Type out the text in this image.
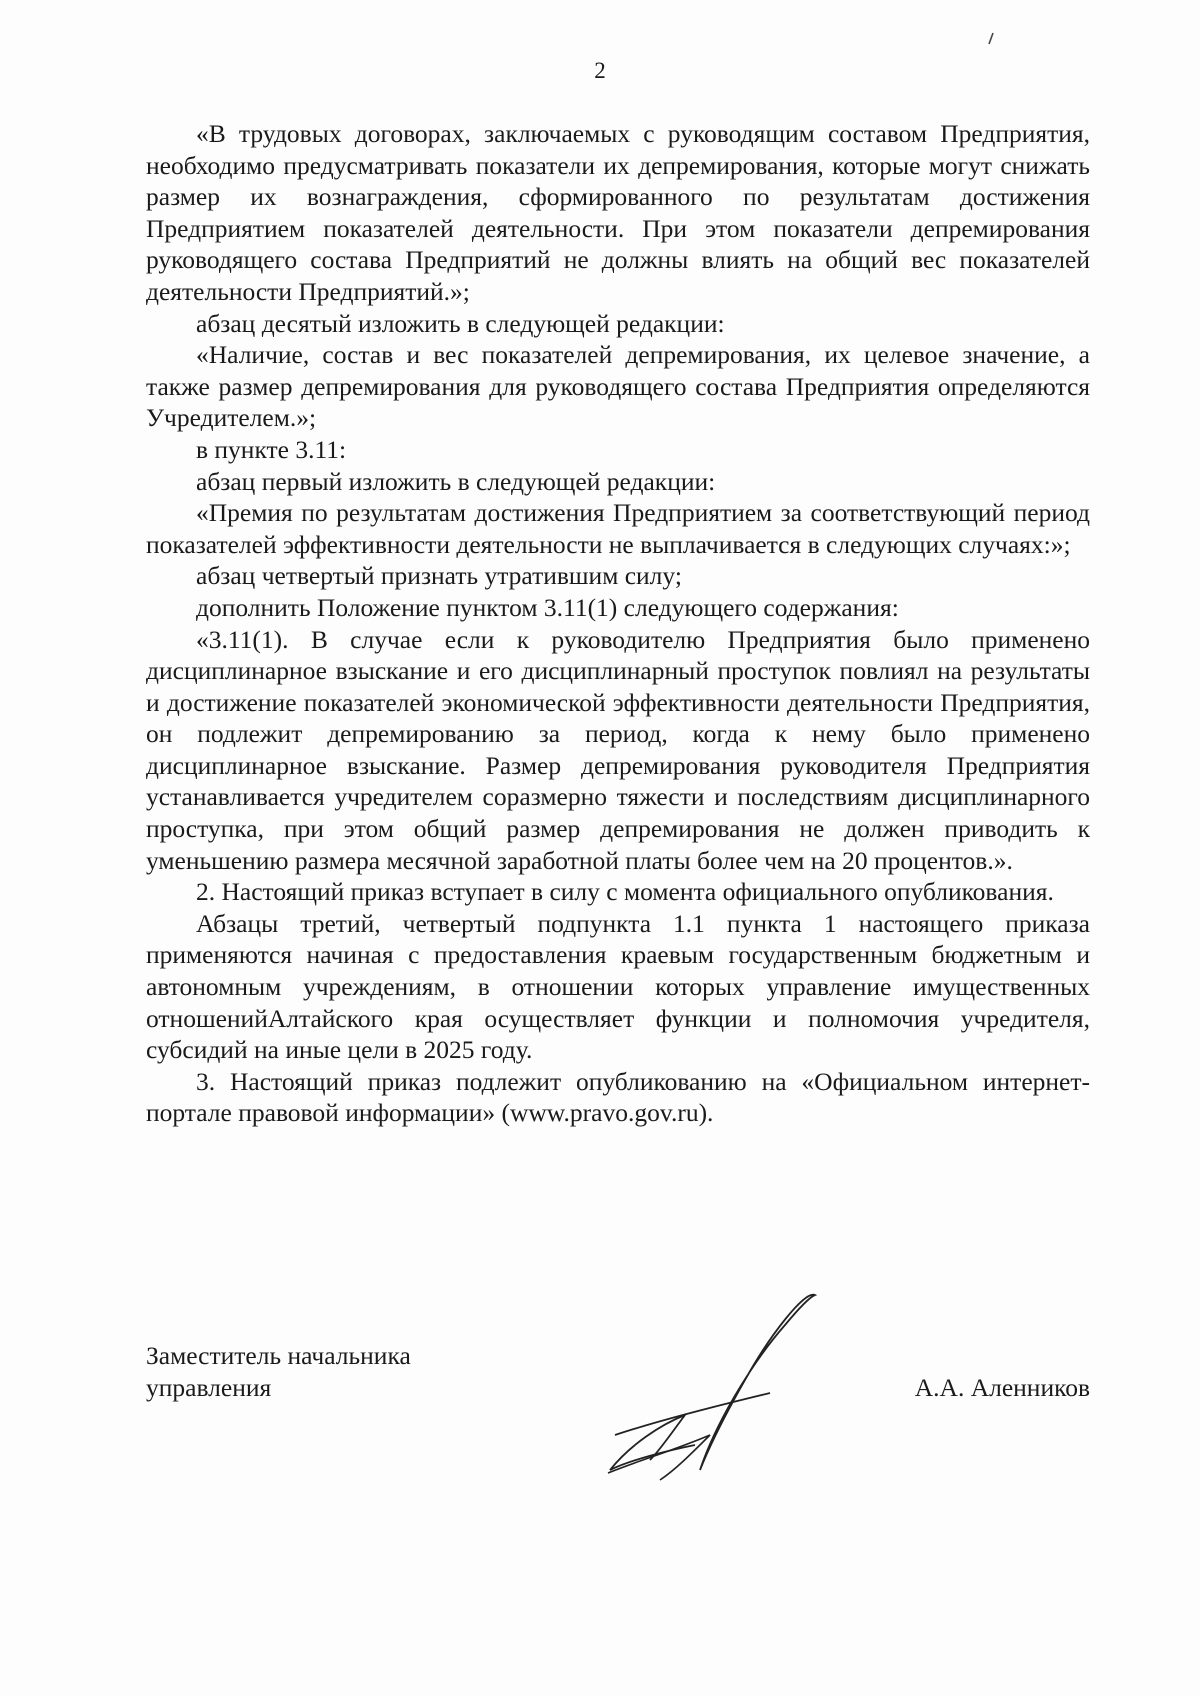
2

«В трудовых договорах, заключаемых с руководящим составом Предприятия, необходимо предусматривать показатели их депремирования, которые могут снижать размер их вознаграждения, сформированного по результатам достижения Предприятием показателей деятельности. При этом показатели депремирования руководящего состава Предприятий не должны влиять на общий вес показателей деятельности Предприятий.»;

абзац десятый изложить в следующей редакции:

«Наличие, состав и вес показателей депремирования, их целевое значение, а также размер депремирования для руководящего состава Предприятия определяются Учредителем.»;

в пункте 3.11:

абзац первый изложить в следующей редакции:

«Премия по результатам достижения Предприятием за соответствующий период показателей эффективности деятельности не выплачивается в следующих случаях:»;

абзац четвертый признать утратившим силу;

дополнить Положение пунктом 3.11(1) следующего содержания:

«3.11(1). В случае если к руководителю Предприятия было применено дисциплинарное взыскание и его дисциплинарный проступок повлиял на результаты и достижение показателей экономической эффективности деятельности Предприятия, он подлежит депремированию за период, когда к нему было применено дисциплинарное взыскание. Размер депремирования руководителя Предприятия устанавливается учредителем соразмерно тяжести и последствиям дисциплинарного проступка, при этом общий размер депремирования не должен приводить к уменьшению размера месячной заработной платы более чем на 20 процентов.».

2. Настоящий приказ вступает в силу с момента официального опубликования.

Абзацы третий, четвертый подпункта 1.1 пункта 1 настоящего приказа применяются начиная с предоставления краевым государственным бюджетным и автономным учреждениям, в отношении которых управление имущественных отношенийАлтайского края осуществляет функции и полномочия учредителя, субсидий на иные цели в 2025 году.

3. Настоящий приказ подлежит опубликованию на «Официальном интернет-портале правовой информации» (www.pravo.gov.ru).

Заместитель начальника
управления	А.А. Аленников
